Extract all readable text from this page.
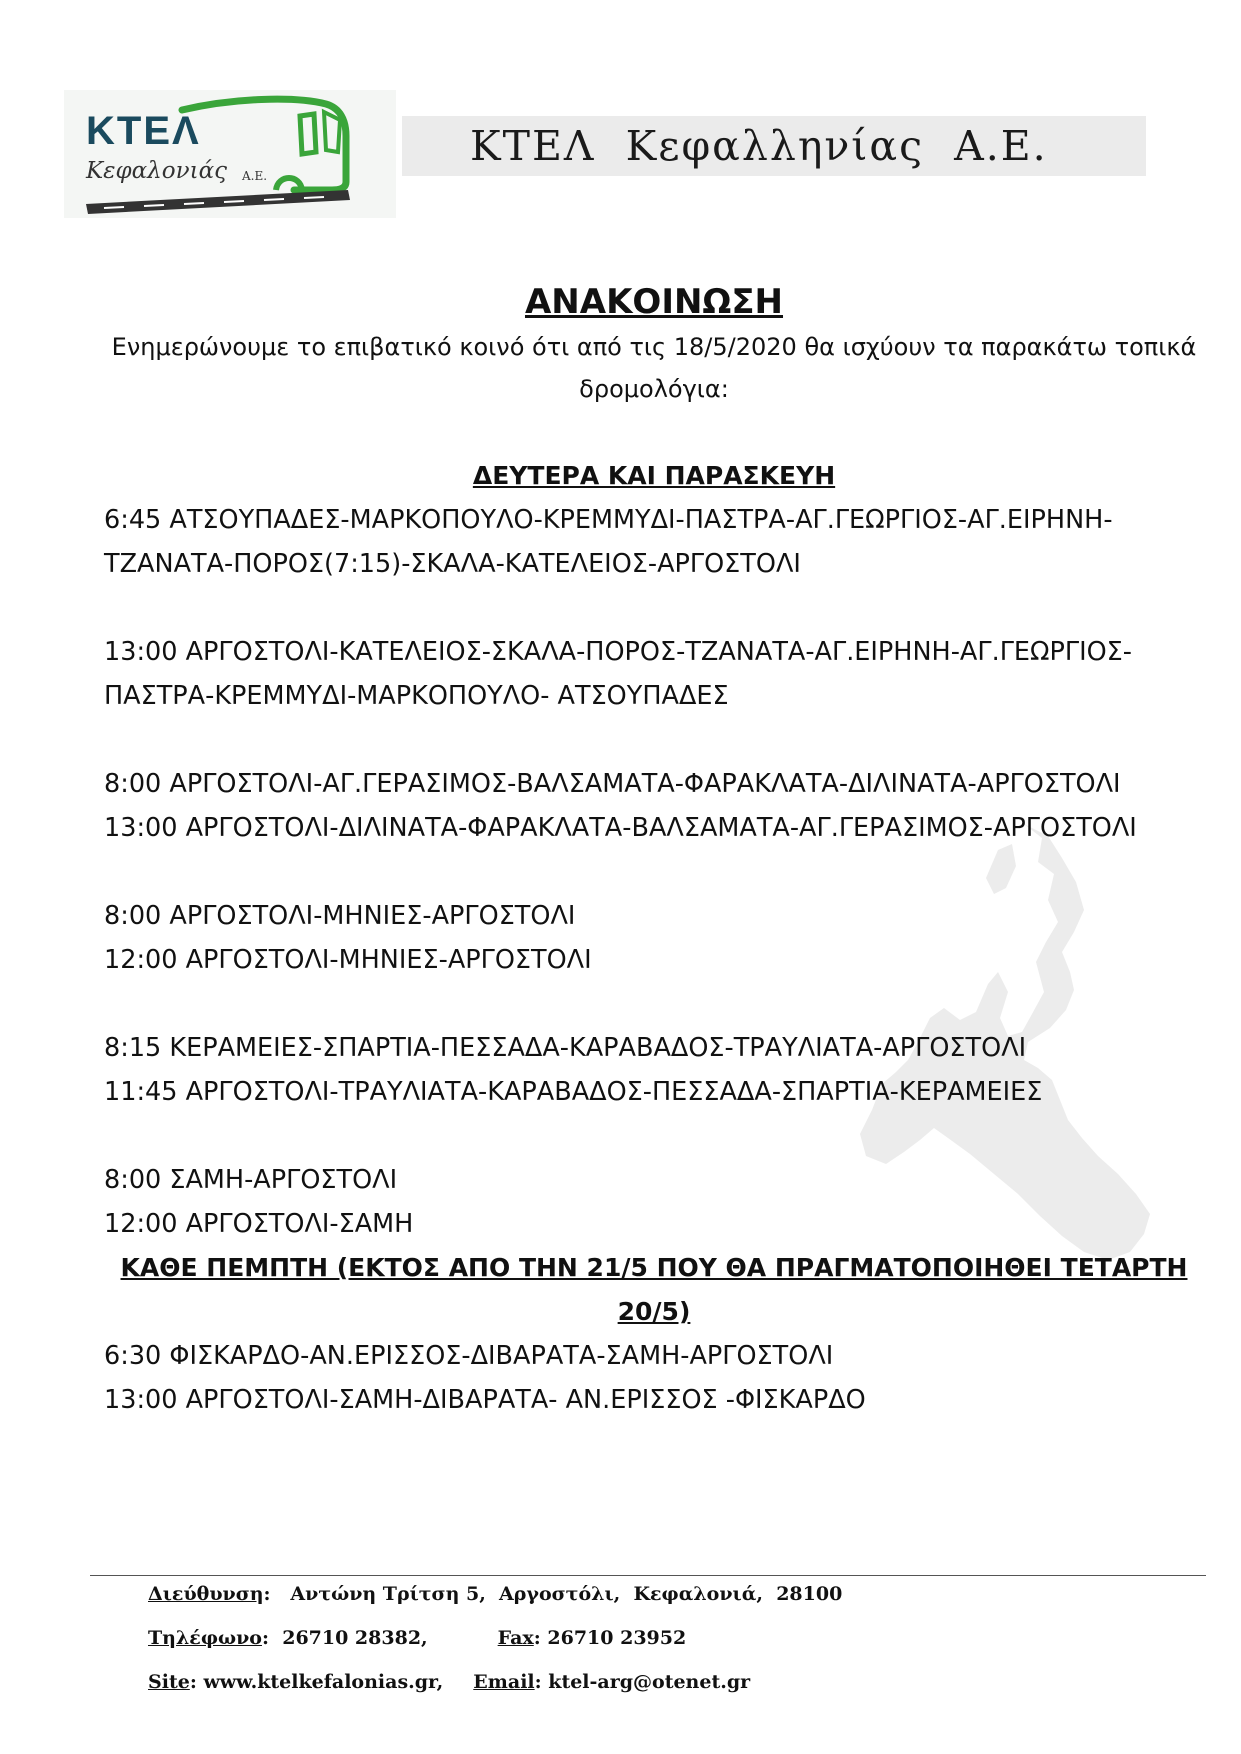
ΚΤΕΛ
Κεφαλονιάς Α.Ε.
ΚΤΕΛ  Κεφαλληνίας  Α.Ε.
ΑΝΑΚΟΙΝΩΣΗ

Ενημερώνουμε το επιβατικό κοινό ότι από τις 18/5/2020 θα ισχύουν τα παρακάτω τοπικά δρομολόγια:

ΔΕΥΤΕΡΑ ΚΑΙ ΠΑΡΑΣΚΕΥΗ

6:45 ΑΤΣΟΥΠΑΔΕΣ-ΜΑΡΚΟΠΟΥΛΟ-ΚΡΕΜΜΥΔΙ-ΠΑΣΤΡΑ-ΑΓ.ΓΕΩΡΓΙΟΣ-ΑΓ.ΕΙΡΗΝΗ-ΤΖΑΝΑΤΑ-ΠΟΡΟΣ(7:15)-ΣΚΑΛΑ-ΚΑΤΕΛΕΙΟΣ-ΑΡΓΟΣΤΟΛΙ

13:00 ΑΡΓΟΣΤΟΛΙ-ΚΑΤΕΛΕΙΟΣ-ΣΚΑΛΑ-ΠΟΡΟΣ-ΤΖΑΝΑΤΑ-ΑΓ.ΕΙΡΗΝΗ-ΑΓ.ΓΕΩΡΓΙΟΣ-ΠΑΣΤΡΑ-ΚΡΕΜΜΥΔΙ-ΜΑΡΚΟΠΟΥΛΟ- ΑΤΣΟΥΠΑΔΕΣ

8:00 ΑΡΓΟΣΤΟΛΙ-ΑΓ.ΓΕΡΑΣΙΜΟΣ-ΒΑΛΣΑΜΑΤΑ-ΦΑΡΑΚΛΑΤΑ-ΔΙΛΙΝΑΤΑ-ΑΡΓΟΣΤΟΛΙ

13:00 ΑΡΓΟΣΤΟΛΙ-ΔΙΛΙΝΑΤΑ-ΦΑΡΑΚΛΑΤΑ-ΒΑΛΣΑΜΑΤΑ-ΑΓ.ΓΕΡΑΣΙΜΟΣ-ΑΡΓΟΣΤΟΛΙ

8:00 ΑΡΓΟΣΤΟΛΙ-ΜΗΝΙΕΣ-ΑΡΓΟΣΤΟΛΙ

12:00 ΑΡΓΟΣΤΟΛΙ-ΜΗΝΙΕΣ-ΑΡΓΟΣΤΟΛΙ

8:15 ΚΕΡΑΜΕΙΕΣ-ΣΠΑΡΤΙΑ-ΠΕΣΣΑΔΑ-ΚΑΡΑΒΑΔΟΣ-ΤΡΑΥΛΙΑΤΑ-ΑΡΓΟΣΤΟΛΙ

11:45 ΑΡΓΟΣΤΟΛΙ-ΤΡΑΥΛΙΑΤΑ-ΚΑΡΑΒΑΔΟΣ-ΠΕΣΣΑΔΑ-ΣΠΑΡΤΙΑ-ΚΕΡΑΜΕΙΕΣ

8:00 ΣΑΜΗ-ΑΡΓΟΣΤΟΛΙ

12:00 ΑΡΓΟΣΤΟΛΙ-ΣΑΜΗ

ΚΑΘΕ ΠΕΜΠΤΗ (ΕΚΤΟΣ ΑΠΟ ΤΗΝ 21/5 ΠΟΥ ΘΑ ΠΡΑΓΜΑΤΟΠΟΙΗΘΕΙ ΤΕΤΑΡΤΗ 20/5)

6:30 ΦΙΣΚΑΡΔΟ-ΑΝ.ΕΡΙΣΣΟΣ-ΔΙΒΑΡΑΤΑ-ΣΑΜΗ-ΑΡΓΟΣΤΟΛΙ

13:00 ΑΡΓΟΣΤΟΛΙ-ΣΑΜΗ-ΔΙΒΑΡΑΤΑ- ΑΝ.ΕΡΙΣΣΟΣ -ΦΙΣΚΑΡΔΟ

Διεύθυνση : Αντώνη Τρίτση 5,  Αργοστόλι,  Κεφαλονιά,  28100
Τηλέφωνο : 26710 28382,	Fax : 26710 23952
Site : www.ktelkefalonias.gr, Email : ktel-arg@otenet.gr
